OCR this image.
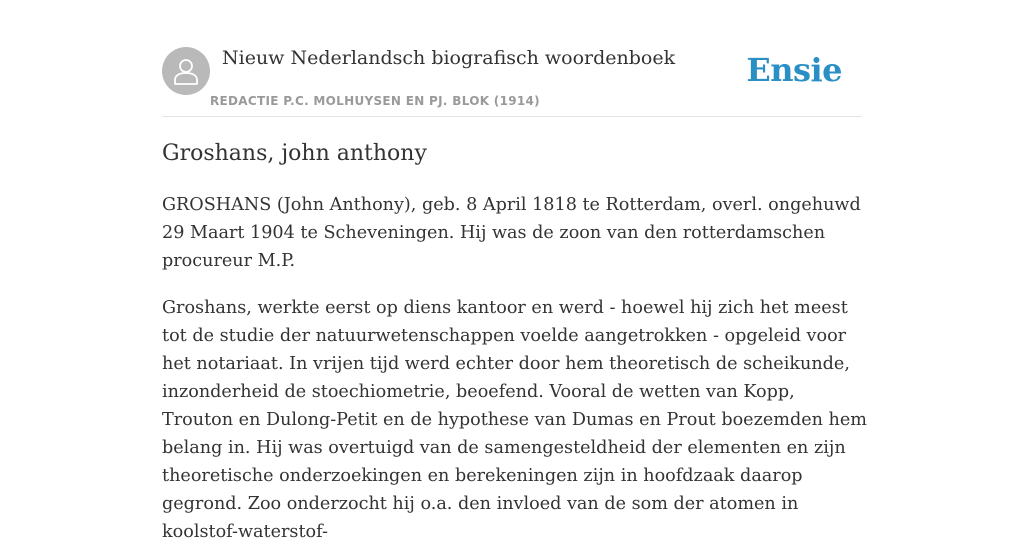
Nieuw Nederlandsch biografisch woordenboek
REDACTIE P.C. MOLHUYSEN EN PJ. BLOK (1914)
Ensie
Groshans, john anthony

GROSHANS (John Anthony), geb. 8 April 1818 te Rotterdam, overl. ongehuwd 29 Maart 1904 te Scheveningen. Hij was de zoon van den rotterdamschen procureur M.P.

Groshans, werkte eerst op diens kantoor en werd - hoewel hij zich het meest tot de studie der natuurwetenschappen voelde aangetrokken - opgeleid voor het notariaat. In vrijen tijd werd echter door hem theoretisch de scheikunde, inzonderheid de stoechiometrie, beoefend. Vooral de wetten van Kopp, Trouton en Dulong-Petit en de hypothese van Dumas en Prout boezemden hem belang in. Hij was overtuigd van de samengesteldheid der elementen en zijn theoretische onderzoekingen en berekeningen zijn in hoofdzaak daarop gegrond. Zoo onderzocht hij o.a. den invloed van de som der atomen in koolstof-waterstof-
